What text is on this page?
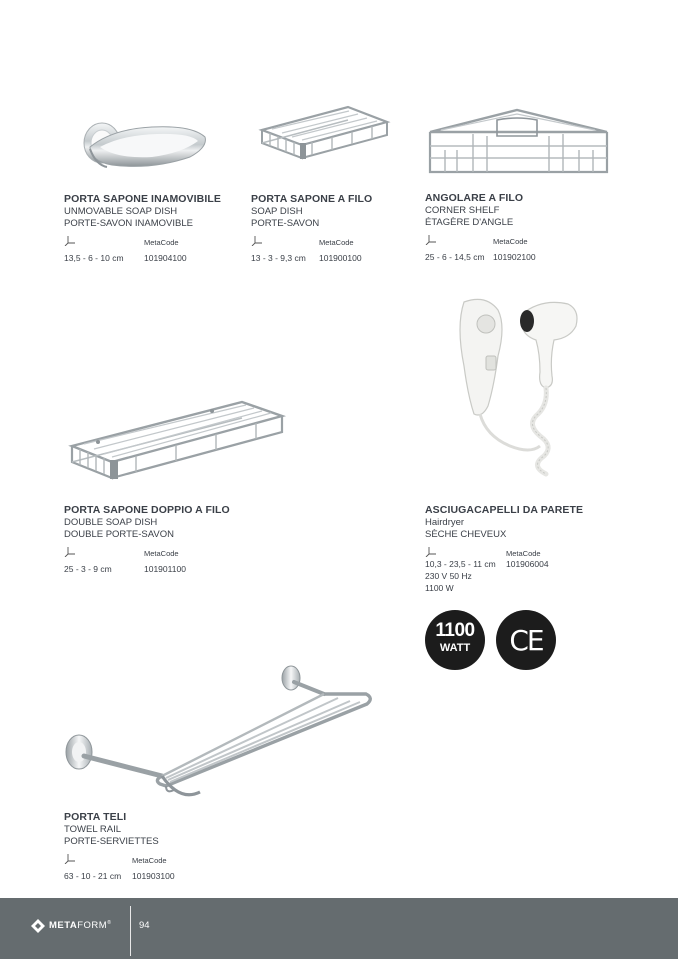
PORTA SAPONE INAMOVIBILE
UNMOVABLE SOAP DISH
PORTE-SAVON INAMOVIBLE
MetaCode
13,5 - 6 - 10 cm 101904100
PORTA SAPONE A FILO
SOAP DISH
PORTE-SAVON
MetaCode
13 - 3 - 9,3 cm 101900100
ANGOLARE A FILO
CORNER SHELF
ÉTAGÈRE D'ANGLE
MetaCode
25 - 6 - 14,5 cm 101902100
PORTA SAPONE DOPPIO A FILO
DOUBLE SOAP DISH
DOUBLE PORTE-SAVON
MetaCode
25 - 3 - 9 cm	101901100
ASCIUGACAPELLI DA PARETE
Hairdryer
SÈCHE CHEVEUX
MetaCode
10,3 - 23,5 - 11 cm 101906004
230 V 50 Hz
1100 W
1100
WATT	CE
PORTA TELI
TOWEL RAIL
PORTE-SERVIETTES
MetaCode
63 - 10 - 21 cm 101903100
METAFORM®	94
